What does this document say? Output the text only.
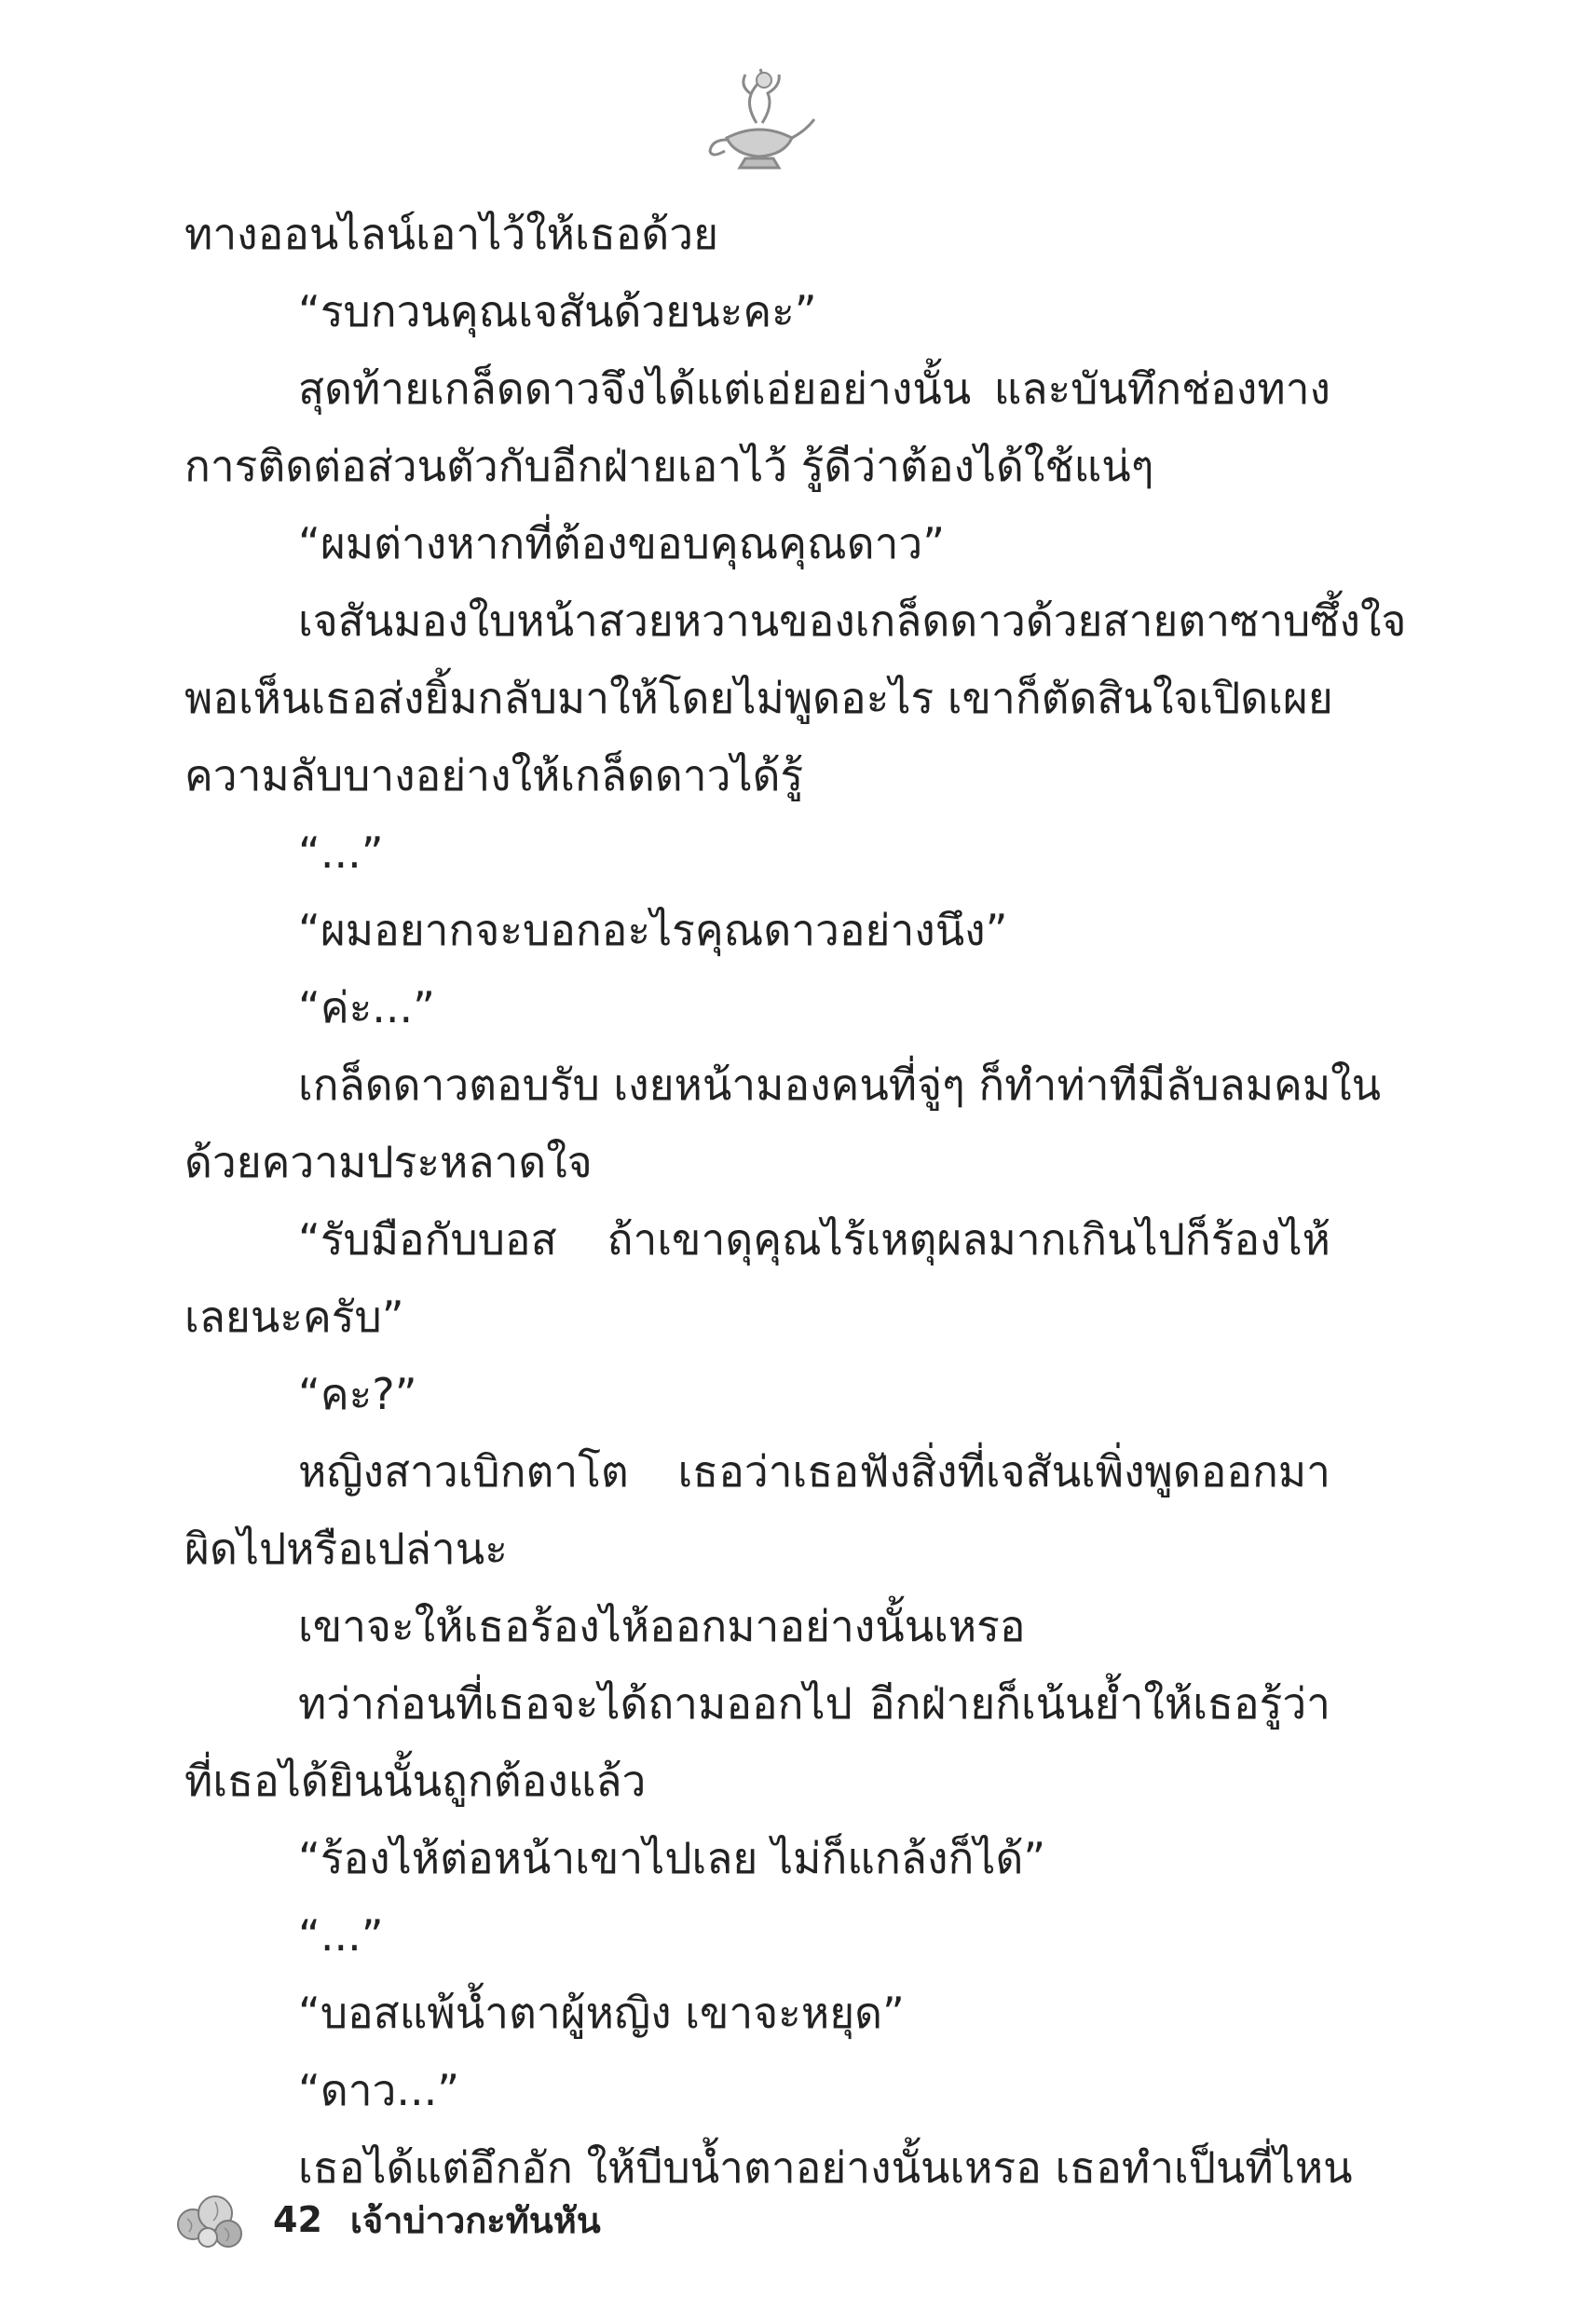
ทางออนไลน์เอาไว้ให้เธอด้วย
“รบกวนคุณเจสันด้วยนะคะ”
สุดท้ายเกล็ดดาวจึงได้แต่เอ่ยอย่างนั้น และบันทึกช่องทาง
การติดต่อส่วนตัวกับอีกฝ่ายเอาไว้ รู้ดีว่าต้องได้ใช้แน่ๆ
“ผมต่างหากที่ต้องขอบคุณคุณดาว”
เจสันมองใบหน้าสวยหวานของเกล็ดดาวด้วยสายตาซาบซึ้งใจ
พอเห็นเธอส่งยิ้มกลับมาให้โดยไม่พูดอะไร เขาก็ตัดสินใจเปิดเผย
ความลับบางอย่างให้เกล็ดดาวได้รู้
“...”
“ผมอยากจะบอกอะไรคุณดาวอย่างนึง”
“ค่ะ...”
เกล็ดดาวตอบรับ เงยหน้ามองคนที่จู่ๆ ก็ทำท่าทีมีลับลมคมใน
ด้วยความประหลาดใจ
“รับมือกับบอส ถ้าเขาดุคุณไร้เหตุผลมากเกินไปก็ร้องไห้
เลยนะครับ”
“คะ?”
หญิงสาวเบิกตาโต เธอว่าเธอฟังสิ่งที่เจสันเพิ่งพูดออกมา
ผิดไปหรือเปล่านะ
เขาจะให้เธอร้องไห้ออกมาอย่างนั้นเหรอ
ทว่าก่อนที่เธอจะได้ถามออกไป อีกฝ่ายก็เน้นย้ำให้เธอรู้ว่า
ที่เธอได้ยินนั้นถูกต้องแล้ว
“ร้องไห้ต่อหน้าเขาไปเลย ไม่ก็แกล้งก็ได้”
“...”
“บอสแพ้น้ำตาผู้หญิง เขาจะหยุด”
“ดาว...”
เธอได้แต่อึกอัก ให้บีบน้ำตาอย่างนั้นเหรอ เธอทำเป็นที่ไหน
42 เจ้าบ่าวกะทันหัน
